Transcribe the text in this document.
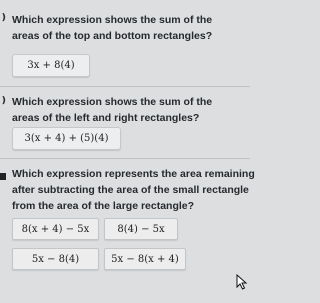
❫ Which expression shows the sum of the
areas of the top and bottom rectangles?
3x + 8(4)
❫ Which expression shows the sum of the
areas of the left and right rectangles?
3(x + 4) + (5)(4)
Which expression represents the area remaining
after subtracting the area of the small rectangle
from the area of the large rectangle?
8(x + 4) − 5x	8(4) − 5x
5x − 8(4)	5x − 8(x + 4)
